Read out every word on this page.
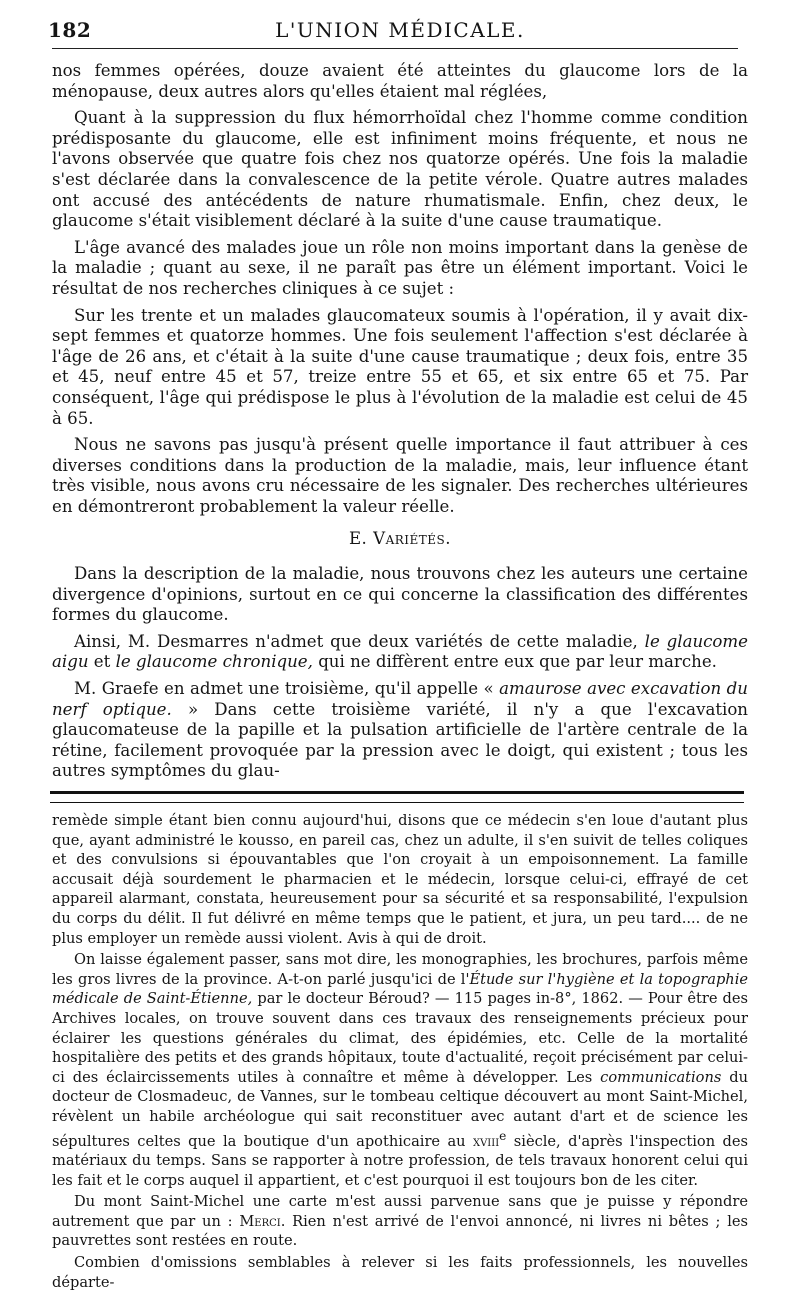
182	L'UNION MÉDICALE.

nos femmes opérées, douze avaient été atteintes du glaucome lors de la ménopause, deux autres alors qu'elles étaient mal réglées,

Quant à la suppression du flux hémorrhoïdal chez l'homme comme condition prédisposante du glaucome, elle est infiniment moins fréquente, et nous ne l'avons observée que quatre fois chez nos quatorze opérés. Une fois la maladie s'est déclarée dans la convalescence de la petite vérole. Quatre autres malades ont accusé des antécédents de nature rhumatismale. Enfin, chez deux, le glaucome s'était visiblement déclaré à la suite d'une cause traumatique.

L'âge avancé des malades joue un rôle non moins important dans la genèse de la maladie ; quant au sexe, il ne paraît pas être un élément important. Voici le résultat de nos recherches cliniques à ce sujet :

Sur les trente et un malades glaucomateux soumis à l'opération, il y avait dix-sept femmes et quatorze hommes. Une fois seulement l'affection s'est déclarée à l'âge de 26 ans, et c'était à la suite d'une cause traumatique ; deux fois, entre 35 et 45, neuf entre 45 et 57, treize entre 55 et 65, et six entre 65 et 75. Par conséquent, l'âge qui prédispose le plus à l'évolution de la maladie est celui de 45 à 65.

Nous ne savons pas jusqu'à présent quelle importance il faut attribuer à ces diverses conditions dans la production de la maladie, mais, leur influence étant très visible, nous avons cru nécessaire de les signaler. Des recherches ultérieures en démontreront probablement la valeur réelle.

E. Variétés.

Dans la description de la maladie, nous trouvons chez les auteurs une certaine divergence d'opinions, surtout en ce qui concerne la classification des différentes formes du glaucome.

Ainsi, M. Desmarres n'admet que deux variétés de cette maladie, le glaucome aigu et le glaucome chronique, qui ne diffèrent entre eux que par leur marche.

M. Graefe en admet une troisième, qu'il appelle « amaurose avec excavation du nerf optique. » Dans cette troisième variété, il n'y a que l'excavation glaucomateuse de la papille et la pulsation artificielle de l'artère centrale de la rétine, facilement provoquée par la pression avec le doigt, qui existent ; tous les autres symptômes du glau-

remède simple étant bien connu aujourd'hui, disons que ce médecin s'en loue d'autant plus que, ayant administré le kousso, en pareil cas, chez un adulte, il s'en suivit de telles coliques et des convulsions si épouvantables que l'on croyait à un empoisonnement. La famille accusait déjà sourdement le pharmacien et le médecin, lorsque celui-ci, effrayé de cet appareil alarmant, constata, heureusement pour sa sécurité et sa responsabilité, l'expulsion du corps du délit. Il fut délivré en même temps que le patient, et jura, un peu tard.... de ne plus employer un remède aussi violent. Avis à qui de droit.

On laisse également passer, sans mot dire, les monographies, les brochures, parfois même les gros livres de la province. A-t-on parlé jusqu'ici de l'Étude sur l'hygiène et la topographie médicale de Saint-Étienne, par le docteur Béroud? — 115 pages in-8°, 1862. — Pour être des Archives locales, on trouve souvent dans ces travaux des renseignements précieux pour éclairer les questions générales du climat, des épidémies, etc. Celle de la mortalité hospitalière des petits et des grands hôpitaux, toute d'actualité, reçoit précisément par celui-ci des éclaircissements utiles à connaître et même à développer. Les communications du docteur de Closmadeuc, de Vannes, sur le tombeau celtique découvert au mont Saint-Michel, révèlent un habile archéologue qui sait reconstituer avec autant d'art et de science les sépultures celtes que la boutique d'un apothicaire au xviii$^e$ siècle, d'après l'inspection des matériaux du temps. Sans se rapporter à notre profession, de tels travaux honorent celui qui les fait et le corps auquel il appartient, et c'est pourquoi il est toujours bon de les citer.

Du mont Saint-Michel une carte m'est aussi parvenue sans que je puisse y répondre autrement que par un : Merci. Rien n'est arrivé de l'envoi annoncé, ni livres ni bêtes ; les pauvrettes sont restées en route.

Combien d'omissions semblables à relever si les faits professionnels, les nouvelles départe-
